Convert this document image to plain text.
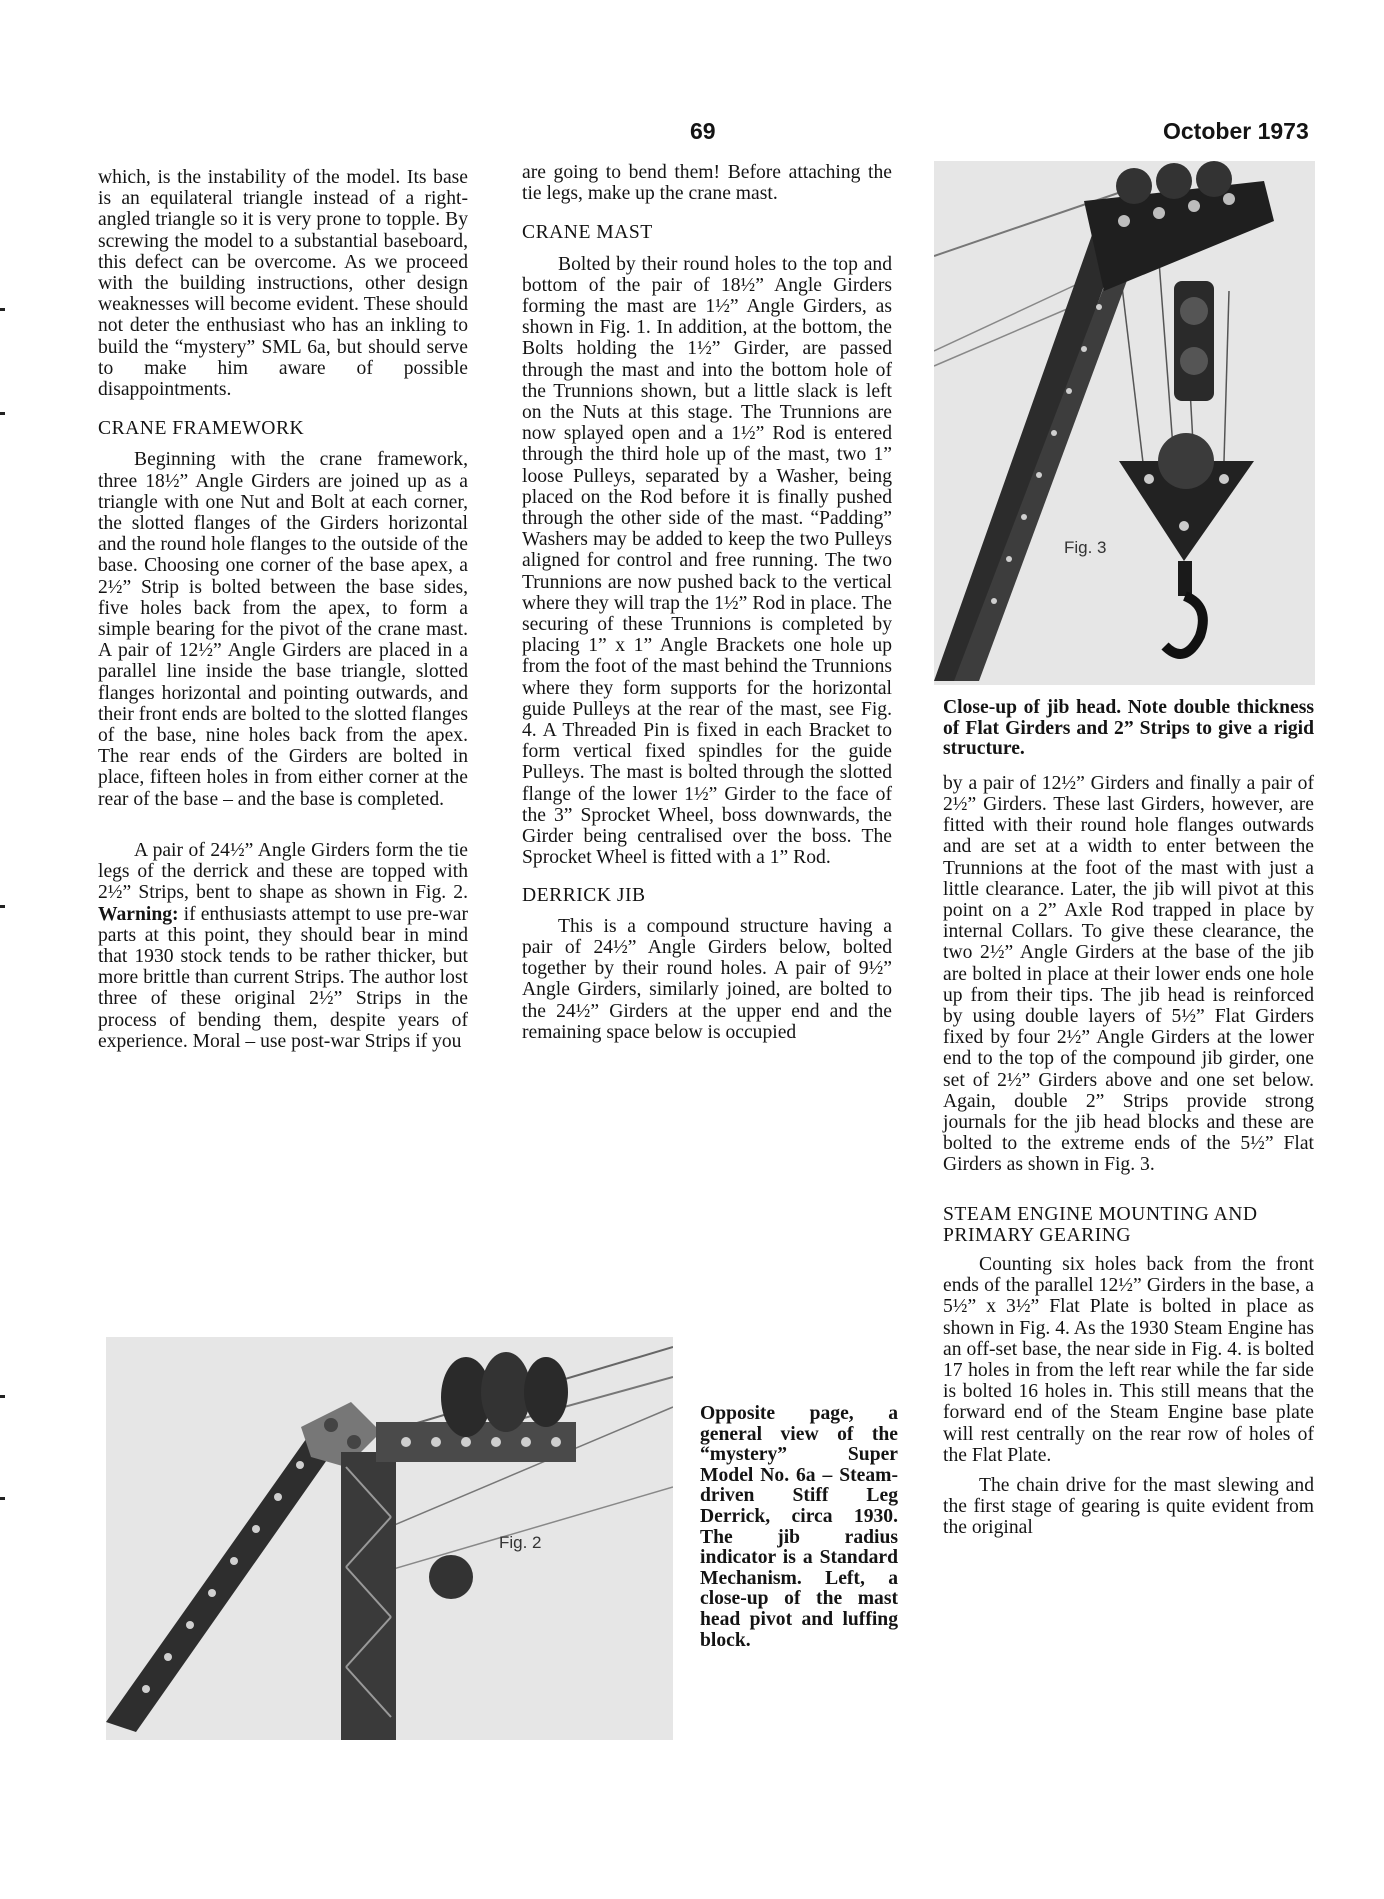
69	October 1973

which, is the instability of the model. Its base is an equilateral triangle instead of a right-angled triangle so it is very prone to topple. By screwing the model to a substantial baseboard, this defect can be overcome. As we proceed with the building instructions, other design weaknesses will become evident. These should not deter the enthusiast who has an inkling to build the “mystery” SML 6a, but should serve to make him aware of possible disappointments.

CRANE FRAMEWORK

Beginning with the crane framework, three 18½” Angle Girders are joined up as a triangle with one Nut and Bolt at each corner, the slotted flanges of the Girders horizontal and the round hole flanges to the outside of the base. Choosing one corner of the base apex, a 2½” Strip is bolted between the base sides, five holes back from the apex, to form a simple bearing for the pivot of the crane mast. A pair of 12½” Angle Girders are placed in a parallel line inside the base triangle, slotted flanges horizontal and pointing outwards, and their front ends are bolted to the slotted flanges of the base, nine holes back from the apex. The rear ends of the Girders are bolted in place, fifteen holes in from either corner at the rear of the base – and the base is completed.

A pair of 24½” Angle Girders form the tie legs of the derrick and these are topped with 2½” Strips, bent to shape as shown in Fig. 2. Warning: if enthusiasts attempt to use pre-war parts at this point, they should bear in mind that 1930 stock tends to be rather thicker, but more brittle than current Strips. The author lost three of these original 2½” Strips in the process of bending them, despite years of experience. Moral – use post-war Strips if you

are going to bend them! Before attaching the tie legs, make up the crane mast.

CRANE MAST

Bolted by their round holes to the top and bottom of the pair of 18½” Angle Girders forming the mast are 1½” Angle Girders, as shown in Fig. 1. In addition, at the bottom, the Bolts holding the 1½” Girder, are passed through the mast and into the bottom hole of the Trunnions shown, but a little slack is left on the Nuts at this stage. The Trunnions are now splayed open and a 1½” Rod is entered through the third hole up of the mast, two 1” loose Pulleys, separated by a Washer, being placed on the Rod before it is finally pushed through the other side of the mast. “Padding” Washers may be added to keep the two Pulleys aligned for control and free running. The two Trunnions are now pushed back to the vertical where they will trap the 1½” Rod in place. The securing of these Trunnions is completed by placing 1” x 1” Angle Brackets one hole up from the foot of the mast behind the Trunnions where they form supports for the horizontal guide Pulleys at the rear of the mast, see Fig. 4. A Threaded Pin is fixed in each Bracket to form vertical fixed spindles for the guide Pulleys. The mast is bolted through the slotted flange of the lower 1½” Girder to the face of the 3” Sprocket Wheel, boss downwards, the Girder being centralised over the boss. The Sprocket Wheel is fitted with a 1” Rod.

DERRICK JIB

This is a compound structure having a pair of 24½” Angle Girders below, bolted together by their round holes. A pair of 9½” Angle Girders, similarly joined, are bolted to the 24½” Girders at the upper end and the remaining space below is occupied

Fig. 3

Close-up of jib head. Note double thickness of Flat Girders and 2” Strips to give a rigid structure.

by a pair of 12½” Girders and finally a pair of 2½” Girders. These last Girders, however, are fitted with their round hole flanges outwards and are set at a width to enter between the Trunnions at the foot of the mast with just a little clearance. Later, the jib will pivot at this point on a 2” Axle Rod trapped in place by internal Collars. To give these clearance, the two 2½” Angle Girders at the base of the jib are bolted in place at their lower ends one hole up from their tips. The jib head is reinforced by using double layers of 5½” Flat Girders fixed by four 2½” Angle Girders at the lower end to the top of the compound jib girder, one set of 2½” Girders above and one set below. Again, double 2” Strips provide strong journals for the jib head blocks and these are bolted to the extreme ends of the 5½” Flat Girders as shown in Fig. 3.

STEAM ENGINE MOUNTING AND PRIMARY GEARING

Counting six holes back from the front ends of the parallel 12½” Girders in the base, a 5½” x 3½” Flat Plate is bolted in place as shown in Fig. 4. As the 1930 Steam Engine has an off-set base, the near side in Fig. 4. is bolted 17 holes in from the left rear while the far side is bolted 16 holes in. This still means that the forward end of the Steam Engine base plate will rest centrally on the rear row of holes of the Flat Plate.

The chain drive for the mast slewing and the first stage of gearing is quite evident from the original

Fig. 2
Opposite page, a general view of the “mystery” Super Model No. 6a – Steam-driven Stiff Leg Derrick, circa 1930. The jib radius indicator is a Standard Mechanism. Left, a close-up of the mast head pivot and luffing block.
